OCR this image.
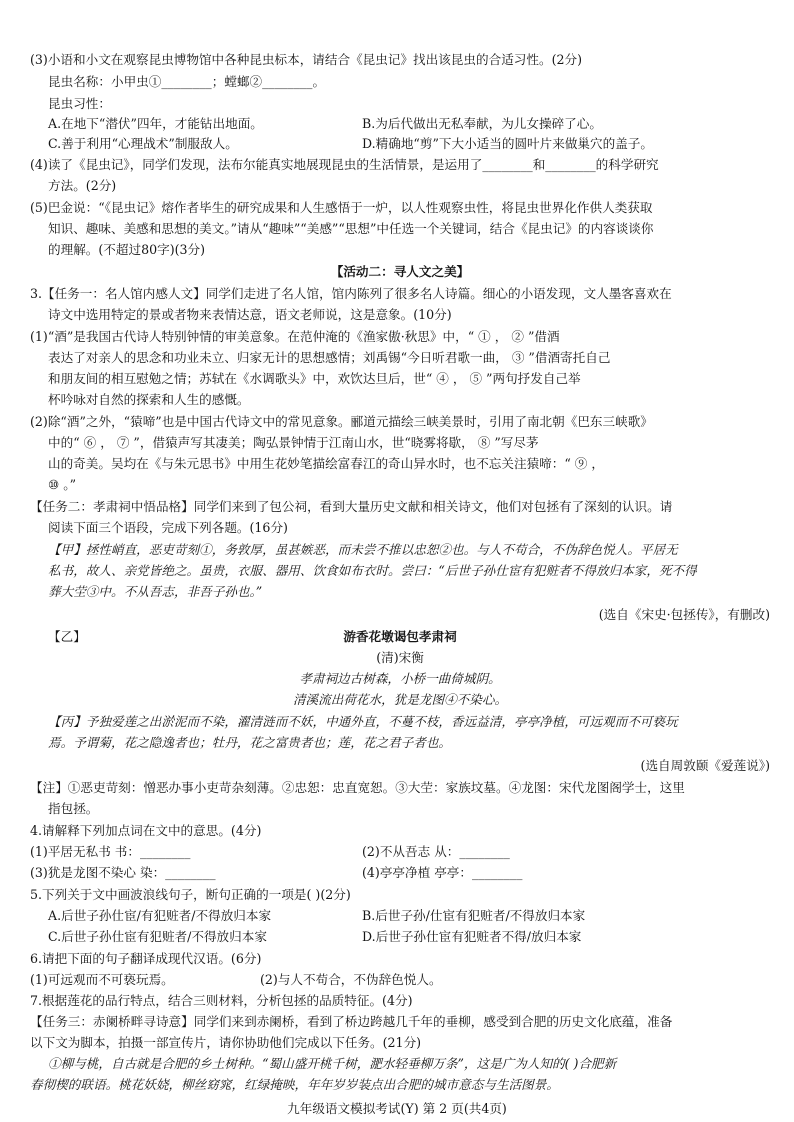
(3)小语和小文在观察昆虫博物馆中各种昆虫标本，请结合《昆虫记》找出该昆虫的合适习性。(2分)
昆虫名称：小甲虫①________；螳螂②________。
昆虫习性：
A.在地下“潜伏”四年，才能钻出地面。	B.为后代做出无私奉献，为儿女操碎了心。
C.善于利用“心理战术”制服敌人。	D.精确地“剪”下大小适当的圆叶片来做巢穴的盖子。
(4)读了《昆虫记》，同学们发现，法布尔能真实地展现昆虫的生活情景，是运用了________和________的科学研究
方法。(2分)
(5)巴金说：“《昆虫记》熔作者毕生的研究成果和人生感悟于一炉，以人性观察虫性，将昆虫世界化作供人类获取
知识、趣味、美感和思想的美文。”请从“趣味”“美感”“思想”中任选一个关键词，结合《昆虫记》的内容谈谈你
的理解。(不超过80字)(3分)
【活动二：寻人文之美】
3.【任务一：名人馆内感人文】同学们走进了名人馆，馆内陈列了很多名人诗篇。细心的小语发现，文人墨客喜欢在
诗文中选用特定的景或者物来表情达意，语文老师说，这是意象。(10分)
(1)“酒”是我国古代诗人特别钟情的审美意象。在范仲淹的《渔家傲·秋思》中，“ ① ， ② ”借酒
表达了对亲人的思念和功业未立、归家无计的思想感情；刘禹锡“今日听君歌一曲， ③ ”借酒寄托自己
和朋友间的相互慰勉之情；苏轼在《水调歌头》中，欢饮达旦后，世“ ④ ， ⑤ ”两句抒发自己举
杯吟咏对自然的探索和人生的感慨。
(2)除“酒”之外，“猿啼”也是中国古代诗文中的常见意象。郦道元描绘三峡美景时，引用了南北朝《巴东三峡歌》
中的“ ⑥ ， ⑦ ”，借猿声写其凄美；陶弘景钟情于江南山水，世“晓雾将歇， ⑧ ”写尽茅
山的奇美。吴均在《与朱元思书》中用生花妙笔描绘富春江的奇山异水时，也不忘关注猿啼：“ ⑨ ，
⑩ 。”
【任务二：孝肃祠中悟品格】同学们来到了包公祠，看到大量历史文献和相关诗文，他们对包拯有了深刻的认识。请
阅读下面三个语段，完成下列各题。(16分)
【甲】拯性峭直，恶吏苛刻①，务敦厚，虽甚嫉恶，而未尝不推以忠恕②也。与人不苟合，不伪辞色悦人。平居无
私书，故人、亲党皆绝之。虽贵，衣服、器用、饮食如布衣时。尝曰：“后世子孙仕宦有犯赃者不得放归本家，死不得
葬大茔③中。不从吾志，非吾子孙也。”
(选自《宋史·包拯传》，有删改)
【乙】	游香花墩谒包孝肃祠
(清)宋衡
孝肃祠边古树森，小桥一曲倚城阴。
清溪流出荷花水，犹是龙图④不染心。
【丙】予独爱莲之出淤泥而不染，濯清涟而不妖，中通外直，不蔓不枝，香远益清，亭亭净植，可远观而不可亵玩
焉。予谓菊，花之隐逸者也；牡丹，花之富贵者也；莲，花之君子者也。
(选自周敦颐《爱莲说》)
【注】①恶吏苛刻：憎恶办事小吏苛杂刻薄。②忠恕：忠直宽恕。③大茔：家族坟墓。④龙图：宋代龙图阁学士，这里
指包拯。
4.请解释下列加点词在文中的意思。(4分)
(1)平居无私书 书：________	(2)不从吾志 从：________
(3)犹是龙图不染心 染：________	(4)亭亭净植 亭亭：________
5.下列关于文中画波浪线句子，断句正确的一项是( )(2分)
A.后世子孙仕宦/有犯赃者/不得放归本家	B.后世子孙/仕宦有犯赃者/不得放归本家
C.后世子孙仕宦有犯赃者/不得放归本家	D.后世子孙仕宦有犯赃者不得/放归本家
6.请把下面的句子翻译成现代汉语。(6分)
(1)可远观而不可亵玩焉。	(2)与人不苟合，不伪辞色悦人。
7.根据莲花的品行特点，结合三则材料，分析包拯的品质特征。(4分)
【任务三：赤阑桥畔寻诗意】同学们来到赤阑桥，看到了桥边跨越几千年的垂柳，感受到合肥的历史文化底蕴，准备
以下文为脚本，拍摄一部宣传片，请你协助他们完成以下任务。(21分)
①柳与桃，自古就是合肥的乡土树种。“蜀山盛开桃千树，淝水轻垂柳万条”，这是广为人知的( )合肥新
春彻楔的联语。桃花妖娆，柳丝窈窕，红绿掩映，年年岁岁装点出合肥的城市意态与生活图景。
九年级语文模拟考试(Y) 第 2 页(共4页)
